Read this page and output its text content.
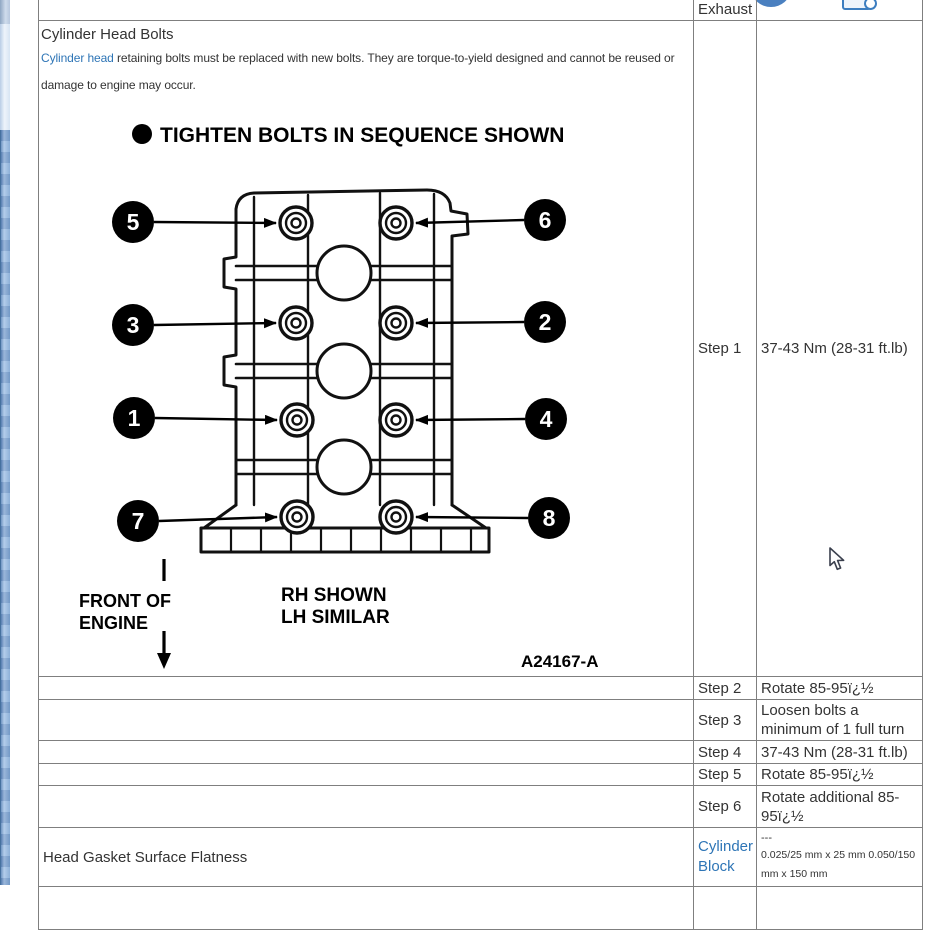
	Exhaust	

Cylinder Head Bolts
Cylinder head retaining bolts must be replaced with new bolts. They are torque-to-yield designed and cannot be reused or damage to engine may occur.
TIGHTEN BOLTS IN SEQUENCE SHOWN
5	6
3	2
1	4
7	8
FRONT OF
ENGINE
RH SHOWN
LH SIMILAR
A24167-A
	Step 1	37-43 Nm (28-31 ft.lb)
	Step 2	Rotate 85-95ï¿½
	Step 3	Loosen bolts a minimum of 1 full turn
	Step 4	37-43 Nm (28-31 ft.lb)
	Step 5	Rotate 85-95ï¿½
	Step 6	Rotate additional 85-95ï¿½
Head Gasket Surface Flatness	Cylinder Block	---
0.025/25 mm x 25 mm 0.050/150 mm x 150 mm
